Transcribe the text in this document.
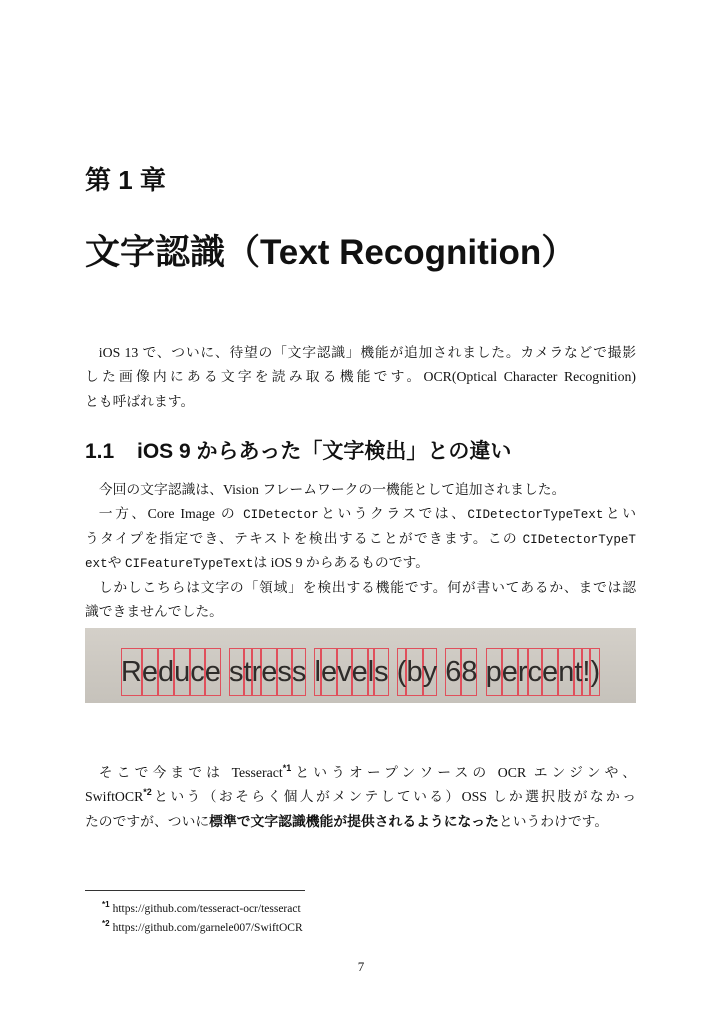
第 1 章
文字認識（Text Recognition）
iOS 13 で、ついに、待望の「文字認識」機能が追加されました。カメラなどで撮影
した画像内にある文字を読み取る機能です。OCR(Optical Character Recognition)
とも呼ばれます。
1.1 iOS 9 からあった「文字検出」との違い
今回の文字認識は、Vision フレームワークの一機能として追加されました。
一方、Core Image の CIDetectorというクラスでは、CIDetectorTypeTextとい
うタイプを指定でき、テキストを検出することができます。この CIDetectorTypeT
extや CIFeatureTypeTextは iOS 9 からあるものです。
しかしこちらは文字の「領域」を検出する機能です。何が書いてあるか、までは認
識できませんでした。
Reduce stress levels (by 68 percent!)
そこで今までは Tesseract$^{*1}$というオープンソースの OCR エンジンや、
SwiftOCR$^{*2}$という（おそらく個人がメンテしている）OSS しか選択肢がなかっ
たのですが、ついに標準で文字認識機能が提供されるようになったというわけです。
$^{*1}$ https://github.com/tesseract-ocr/tesseract
$^{*2}$ https://github.com/garnele007/SwiftOCR
7
